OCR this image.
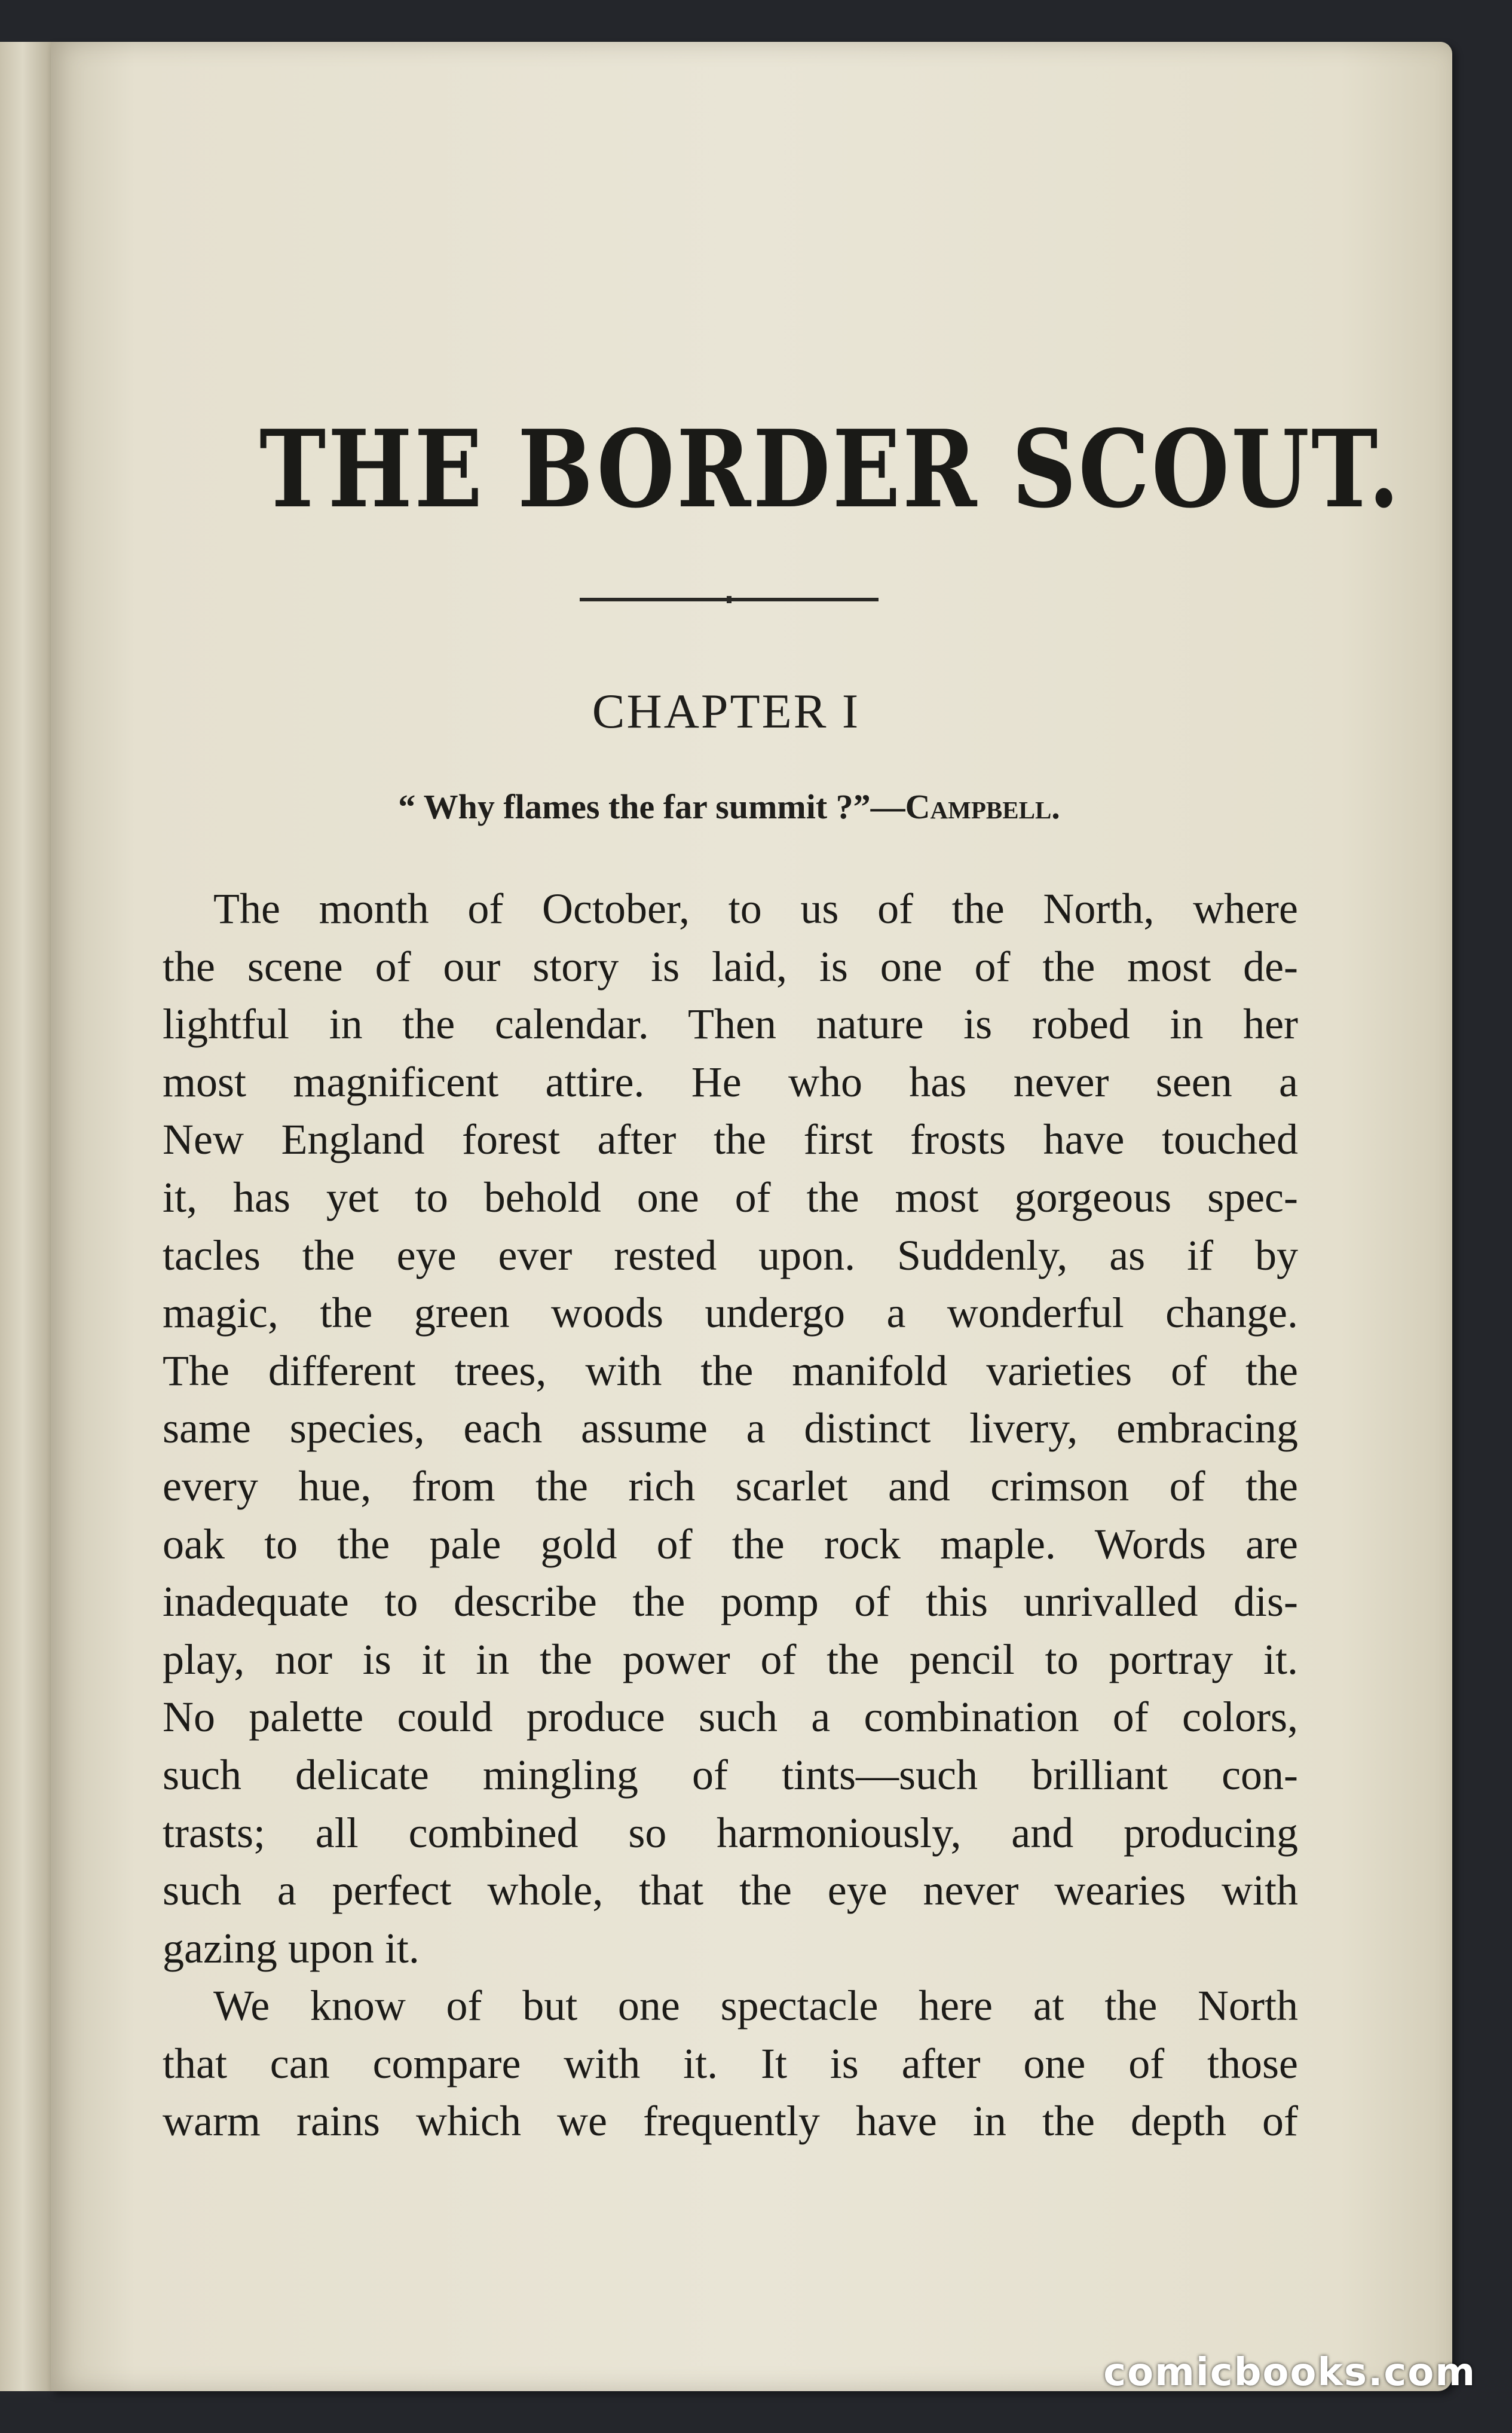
THE BORDER SCOUT.
CHAPTER I
“ Why flames the far summit ?”—Campbell.
The month of October, to us of the North, where
the scene of our story is laid, is one of the most de-
lightful in the calendar. Then nature is robed in her
most magnificent attire. He who has never seen a
New England forest after the first frosts have touched
it, has yet to behold one of the most gorgeous spec-
tacles the eye ever rested upon. Suddenly, as if by
magic, the green woods undergo a wonderful change.
The different trees, with the manifold varieties of the
same species, each assume a distinct livery, embracing
every hue, from the rich scarlet and crimson of the
oak to the pale gold of the rock maple. Words are
inadequate to describe the pomp of this unrivalled dis-
play, nor is it in the power of the pencil to portray it.
No palette could produce such a combination of colors,
such delicate mingling of tints—such brilliant con-
trasts; all combined so harmoniously, and producing
such a perfect whole, that the eye never wearies with
gazing upon it.
We know of but one spectacle here at the North
that can compare with it. It is after one of those
warm rains which we frequently have in the depth of
comicbooks.com
